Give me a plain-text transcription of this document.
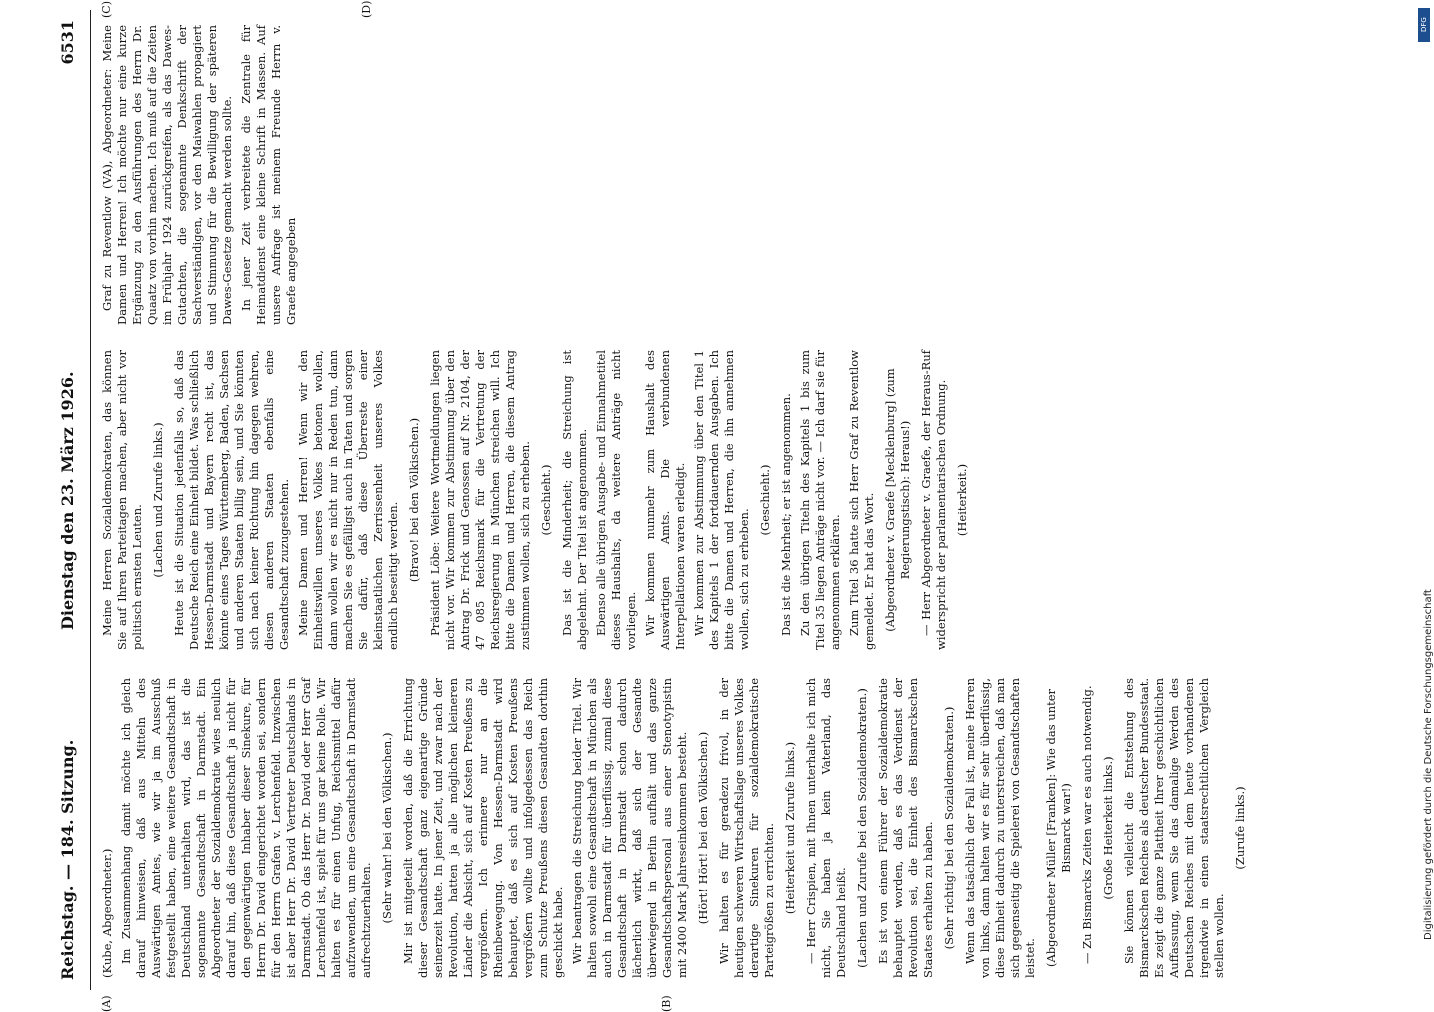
Reichstag. — 184. Sitzung.
6531
Dienstag den 23. März 1926.
(A)	(B)
(C)	(D)

(Kube, Abgeordneter.) Im Zusammenhang damit möchte ich gleich darauf hinweisen, daß aus Mitteln des Auswärtigen Amtes, wie wir ja im Ausschuß festgestellt haben, eine weitere Gesandtschaft in Deutschland unterhalten wird, das ist die sogenannte Gesandtschaft in Darmstadt. Ein Abgeordneter der Sozialdemokratie wies neulich darauf hin, daß diese Gesandtschaft ja nicht für den gegenwärtigen Inhaber dieser Sinekure, für Herrn Dr. David eingerichtet worden sei, sondern für den Herrn Grafen v. Lerchenfeld. Inzwischen ist aber Herr Dr. David Vertreter Deutschlands in Darmstadt. Ob das Herr Dr. David oder Herr Graf Lerchenfeld ist, spielt für uns gar keine Rolle. Wir halten es für einen Unfug, Reichsmittel dafür aufzuwenden, um eine Gesandtschaft in Darmstadt aufrechtzuerhalten. (Sehr wahr! bei den Völkischen.) Mir ist mitgeteilt worden, daß die Errichtung dieser Gesandtschaft ganz eigenartige Gründe seinerzeit hatte. In jener Zeit, und zwar nach der Revolution, hatten ja alle möglichen kleineren Länder die Absicht, sich auf Kosten Preußens zu vergrößern. Ich erinnere nur an die Rheinbewegung. Von Hessen-Darmstadt wird behauptet, daß es sich auf Kosten Preußens vergrößern wollte und infolgedessen das Reich zum Schutze Preußens diesen Gesandten dorthin geschickt habe. Wir beantragen die Streichung beider Titel. Wir halten sowohl eine Gesandtschaft in München als auch in Darmstadt für überflüssig, zumal diese Gesandtschaft in Darmstadt schon dadurch lächerlich wirkt, daß sich der Gesandte überwiegend in Berlin aufhält und das ganze Gesandtschaftspersonal aus einer Stenotypistin mit 2400 Mark Jahreseinkommen besteht. (Hört! Hört! bei den Völkischen.) Wir halten es für geradezu frivol, in der heutigen schweren Wirtschaftslage unseres Volkes derartige Sinekuren für sozialdemokratische Parteigrößen zu errichten. (Heiterkeit und Zurufe links.) — Herr Crispien, mit Ihnen unterhalte ich mich nicht, Sie haben ja kein Vaterland, das Deutschland heißt. (Lachen und Zurufe bei den Sozialdemokraten.) Es ist von einem Führer der Sozialdemokratie behauptet worden, daß es das Verdienst der Revolution sei, die Einheit des Bismarckschen Staates erhalten zu haben. (Sehr richtig! bei den Sozialdemokraten.) Wenn das tatsächlich der Fall ist, meine Herren von links, dann halten wir es für sehr überflüssig, diese Einheit dadurch zu unterstreichen, daß man sich gegenseitig die Spielerei von Gesandtschaften leistet. (Abgeordneter Müller [Franken]: Wie das unter Bismarck war!) — Zu Bismarcks Zeiten war es auch notwendig. (Große Heiterkeit links.) Sie können vielleicht die Entstehung des Bismarckschen Reiches als deutscher Bundesstaat. Es zeigt die ganze Plattheit Ihrer geschichtlichen Auffassung, wenn Sie das damalige Werden des Deutschen Reiches mit dem heute vorhandenen irgendwie in einen staatsrechtlichen Vergleich stellen wollen.

(Zurufe links.)

Meine Herren Sozialdemokraten, das können Sie auf Ihren Parteitagen machen, aber nicht vor politisch ernsten Leuten. (Lachen und Zurufe links.) Heute ist die Situation jedenfalls so, daß das Deutsche Reich eine Einheit bildet. Was schließlich Hessen-Darmstadt und Bayern recht ist, das könnte eines Tages Württemberg, Baden, Sachsen und anderen Staaten billig sein, und Sie könnten sich nach keiner Richtung hin dagegen wehren, diesen anderen Staaten ebenfalls eine Gesandtschaft zuzugestehen. Meine Damen und Herren! Wenn wir den Einheitswillen unseres Volkes betonen wollen, dann wollen wir es nicht nur in Reden tun, dann machen Sie es gefälligst auch in Taten und sorgen Sie dafür, daß diese Überreste einer kleinstaatlichen Zerrissenheit unseres Volkes endlich beseitigt werden. (Bravo! bei den Völkischen.) Präsident Löbe: Weitere Wortmeldungen liegen nicht vor. Wir kommen zur Abstimmung über den Antrag Dr. Frick und Genossen auf Nr. 2104, der 47 085 Reichsmark für die Vertretung der Reichsregierung in München streichen will. Ich bitte die Damen und Herren, die diesem Antrag zustimmen wollen, sich zu erheben. (Geschieht.) Das ist die Minderheit; die Streichung ist abgelehnt. Der Titel ist angenommen. Ebenso alle übrigen Ausgabe- und Einnahmetitel dieses Haushalts, da weitere Anträge nicht vorliegen. Wir kommen nunmehr zum Haushalt des Auswärtigen Amts. Die verbundenen Interpellationen waren erledigt. Wir kommen zur Abstimmung über den Titel 1 des Kapitels 1 der fortdauernden Ausgaben. Ich bitte die Damen und Herren, die ihn annehmen wollen, sich zu erheben.

(Geschieht.) Das ist die Mehrheit; er ist angenommen. Zu den übrigen Titeln des Kapitels 1 bis zum Titel 35 liegen Anträge nicht vor. — Ich darf sie für angenommen erklären. Zum Titel 36 hatte sich Herr Graf zu Reventlow gemeldet. Er hat das Wort. (Abgeordneter v. Graefe [Mecklenburg] (zum Regierungstisch): Heraus!) — Herr Abgeordneter v. Graefe, der Heraus-Ruf widerspricht der parlamentarischen Ordnung. (Heiterkeit.)

Graf zu Reventlow (VA), Abgeordneter: Meine Damen und Herren! Ich möchte nur eine kurze Ergänzung zu den Ausführungen des Herrn Dr. Quaatz von vorhin machen. Ich muß auf die Zeiten im Frühjahr 1924 zurückgreifen, als das Dawes-Gutachten, die sogenannte Denkschrift der Sachverständigen, vor den Maiwahlen propagiert und Stimmung für die Bewilligung der späteren Dawes-Gesetze gemacht werden sollte. In jener Zeit verbreitete die Zentrale für Heimatdienst eine kleine Schrift in Massen. Auf unsere Anfrage ist meinem Freunde Herrn v. Graefe angegeben

Digitalisierung gefördert durch die Deutsche Forschungsgemeinschaft
DFG
